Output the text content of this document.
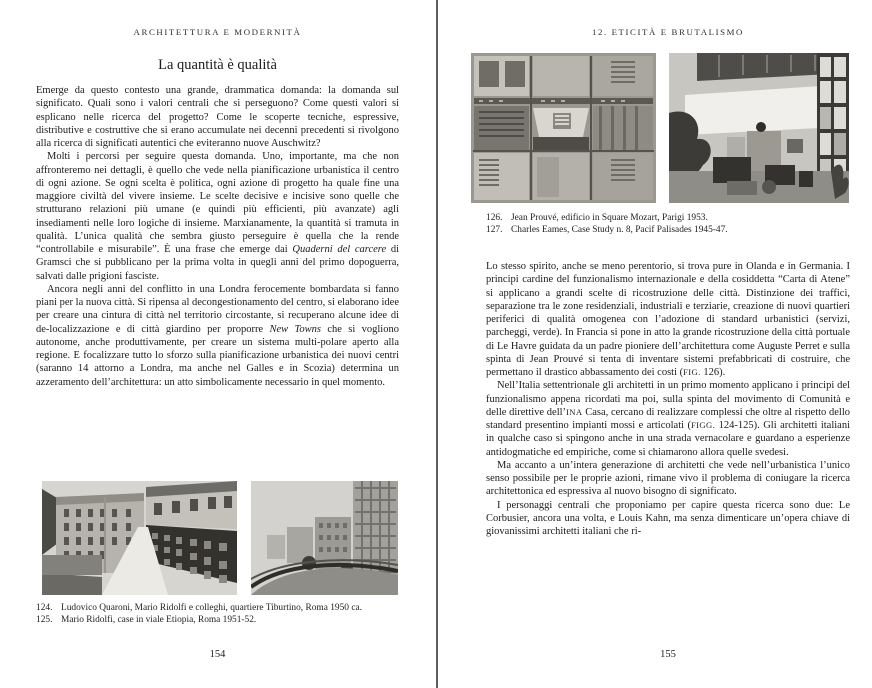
ARCHITETTURA E MODERNITÀ
La quantità è qualità

Emerge da questo contesto una grande, drammatica domanda: la domanda sul significato. Quali sono i valori centrali che si perseguono? Come questi valori si esplicano nelle ricerca del progetto? Come le scoperte tecniche, espressive, distributive e costruttive che si erano accumulate nei decenni precedenti si rivolgono alla ricerca di significati autentici che eviteranno nuove Auschwitz?

Molti i percorsi per seguire questa domanda. Uno, importante, ma che non affronteremo nei dettagli, è quello che vede nella pianificazione urbanistica il centro di ogni azione. Se ogni scelta è politica, ogni azione di progetto ha quale fine una maggiore civiltà del vivere insieme. Le scelte decisive e incisive sono quelle che strutturano relazioni più umane (e quindi più efficienti, più avanzate) agli insediamenti nelle loro logiche di insieme. Marxianamente, la quantità si tramuta in qualità. L’unica qualità che sembra giusto perseguire è quella che la rende “controllabile e misurabile”. È una frase che emerge dai Quaderni del carcere di Gramsci che si pubblicano per la prima volta in quegli anni del primo dopoguerra, salvati dalle prigioni fasciste.

Ancora negli anni del conflitto in una Londra ferocemente bombardata si fanno piani per la nuova città. Si ripensa al decongestionamento del centro, si elaborano idee per creare una cintura di città nel territorio circostante, si recuperano alcune idee di de-localizzazione e di città giardino per proporre New Towns che si vogliono autonome, anche produttivamente, per creare un sistema multi-polare aperto alla regione. E focalizzare tutto lo sforzo sulla pianificazione urbanistica dei nuovi centri (saranno 14 attorno a Londra, ma anche nel Galles e in Scozia) determina un azzeramento dell’architettura: un atto simbolicamente necessario in quel momento.

124. Ludovico Quaroni, Mario Ridolfi e colleghi, quartiere Tiburtino, Roma 1950 ca.
125. Mario Ridolfi, case in viale Etiopia, Roma 1951-52.
154
12. ETICITÀ E BRUTALISMO
126. Jean Prouvé, edificio in Square Mozart, Parigi 1953.
127. Charles Eames, Case Study n. 8, Pacif Palisades 1945-47.

Lo stesso spirito, anche se meno perentorio, si trova pure in Olanda e in Germania. I principi cardine del funzionalismo internazionale e della cosiddetta “Carta di Atene” si applicano a grandi scelte di ricostruzione delle città. Distinzione dei traffici, separazione tra le zone residenziali, industriali e terziarie, creazione di nuovi quartieri periferici di qualità omogenea con l’adozione di standard urbanistici (servizi, parcheggi, verde). In Francia si pone in atto la grande ricostruzione della città portuale di Le Havre guidata da un padre pioniere dell’architettura come Auguste Perret e sulla spinta di Jean Prouvé si tenta di inventare sistemi prefabbricati di costruire, che permettano il drastico abbassamento dei costi (FIG. 126).

Nell’Italia settentrionale gli architetti in un primo momento applicano i principi del funzionalismo appena ricordati ma poi, sulla spinta del movimento di Comunità e delle direttive dell’INA Casa, cercano di realizzare complessi che oltre al rispetto dello standard presentino impianti mossi e articolati (FIGG. 124-125). Gli architetti italiani in qualche caso si spingono anche in una strada vernacolare e guardano a esperienze antidogmatiche ed empiriche, come si chiamarono allora quelle svedesi.

Ma accanto a un’intera generazione di architetti che vede nell’urbanistica l’unico senso possibile per le proprie azioni, rimane vivo il problema di coniugare la ricerca architettonica ed espressiva al nuovo bisogno di significato.

I personaggi centrali che proponiamo per capire questa ricerca sono due: Le Corbusier, ancora una volta, e Louis Kahn, ma senza dimenticare un’opera chiave di giovanissimi architetti italiani che ri-

155
